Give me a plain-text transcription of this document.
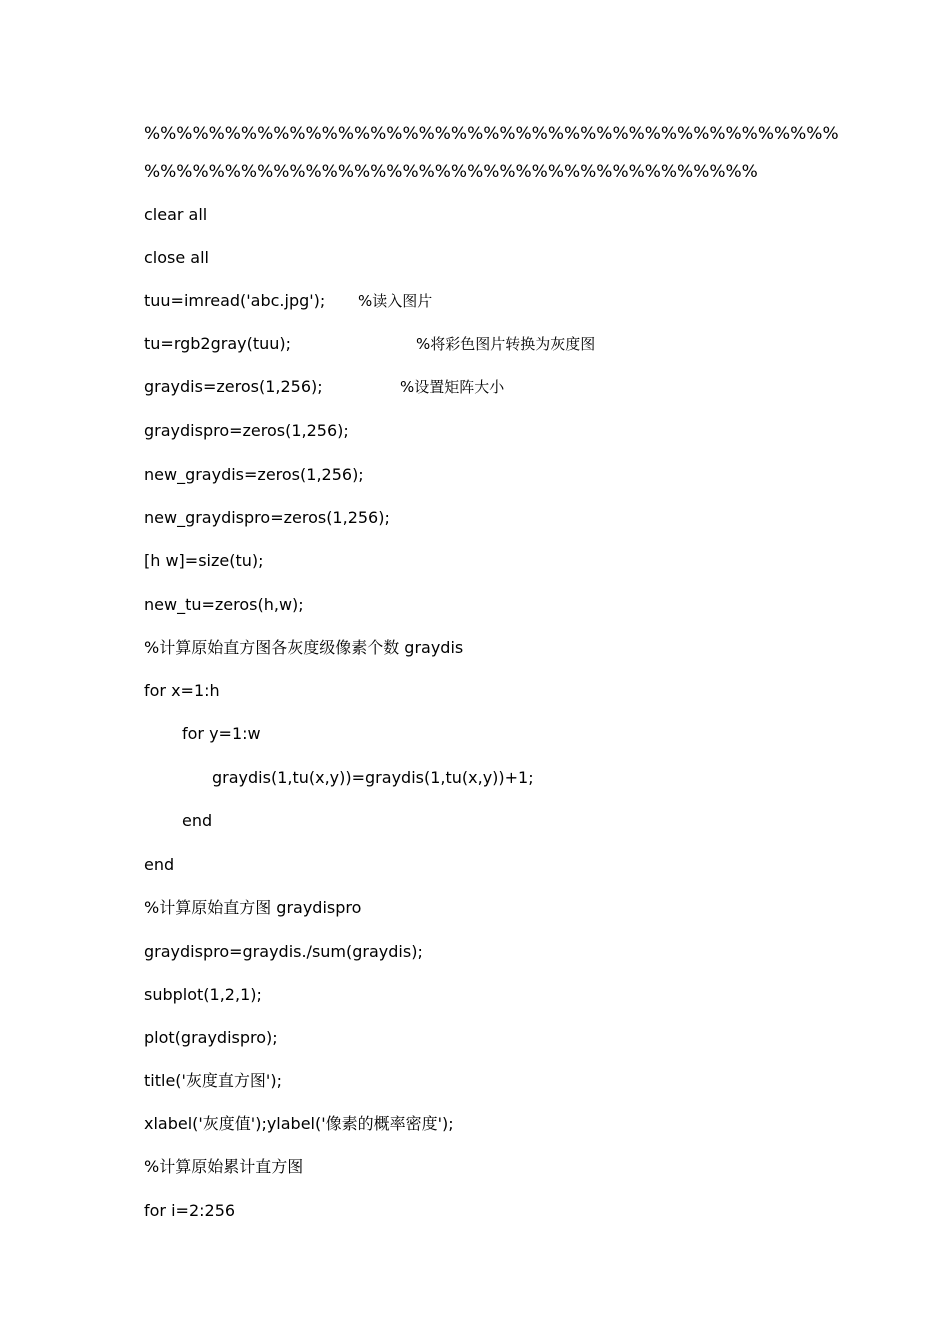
%%%%%%%%%%%%%%%%%%%%%%%%%%%%%%%%%%%%%%%%%%%

%%%%%%%%%%%%%%%%%%%%%%%%%%%%%%%%%%%%%%

clear all

close all

tuu=imread('abc.jpg'); %读入图片

tu=rgb2gray(tuu);	%将彩色图片转换为灰度图

graydis=zeros(1,256);	%设置矩阵大小

graydispro=zeros(1,256);

new_graydis=zeros(1,256);

new_graydispro=zeros(1,256);

[h w]=size(tu);

new_tu=zeros(h,w);

%计算原始直方图各灰度级像素个数 graydis

for x=1:h

for y=1:w

graydis(1,tu(x,y))=graydis(1,tu(x,y))+1;

end

end

%计算原始直方图 graydispro

graydispro=graydis./sum(graydis);

subplot(1,2,1);

plot(graydispro);

title('灰度直方图');

xlabel('灰度值');ylabel('像素的概率密度');

%计算原始累计直方图

for i=2:256
